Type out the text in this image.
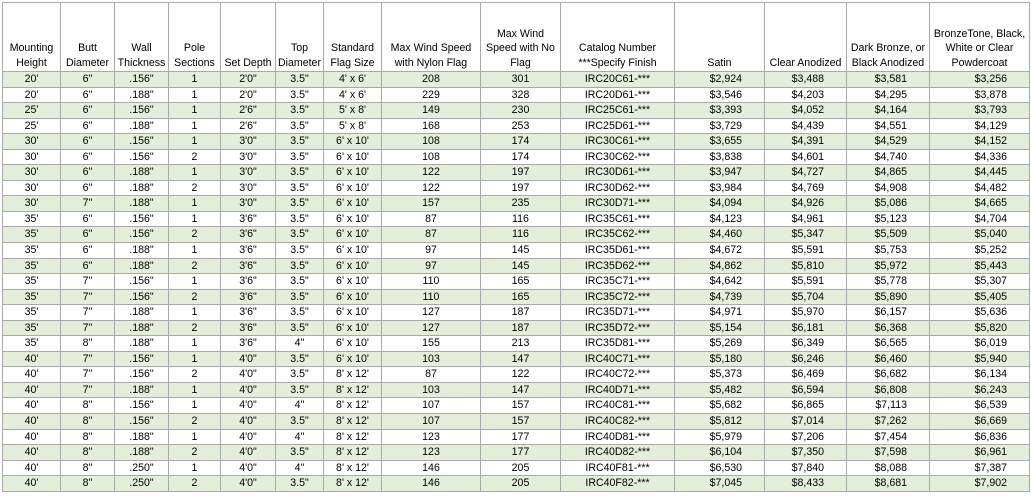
Mounting Height	Butt Diameter	Wall Thickness	Pole Sections	Set Depth	Top Diameter	Standard Flag Size	Max Wind Speed with Nylon Flag	Max Wind Speed with No Flag	Catalog Number ***Specify Finish	Satin	Clear Anodized	Dark Bronze, or Black Anodized	BronzeTone, Black, White or Clear Powdercoat
20'	6"	.156"	1	2'0"	3.5"	4' x 6'	208	301	IRC20C61-***	$2,924	$3,488	$3,581	$3,256
20'	6"	.188"	1	2'0"	3.5"	4' x 6'	229	328	IRC20D61-***	$3,546	$4,203	$4,295	$3,878
25'	6"	.156"	1	2'6"	3.5"	5' x 8'	149	230	IRC25C61-***	$3,393	$4,052	$4,164	$3,793
25'	6"	.188"	1	2'6"	3.5"	5' x 8'	168	253	IRC25D61-***	$3,729	$4,439	$4,551	$4,129
30'	6"	.156"	1	3'0"	3.5"	6' x 10'	108	174	IRC30C61-***	$3,655	$4,391	$4,529	$4,152
30'	6"	.156"	2	3'0"	3.5"	6' x 10'	108	174	IRC30C62-***	$3,838	$4,601	$4,740	$4,336
30'	6"	.188"	1	3'0"	3.5"	6' x 10'	122	197	IRC30D61-***	$3,947	$4,727	$4,865	$4,445
30'	6"	.188"	2	3'0"	3.5"	6' x 10'	122	197	IRC30D62-***	$3,984	$4,769	$4,908	$4,482
30'	7"	.188"	1	3'0"	3.5"	6' x 10'	157	235	IRC30D71-***	$4,094	$4,926	$5,086	$4,665
35'	6"	.156"	1	3'6"	3.5"	6' x 10'	87	116	IRC35C61-***	$4,123	$4,961	$5,123	$4,704
35'	6"	.156"	2	3'6"	3.5"	6' x 10'	87	116	IRC35C62-***	$4,460	$5,347	$5,509	$5,040
35'	6"	.188"	1	3'6"	3.5"	6' x 10'	97	145	IRC35D61-***	$4,672	$5,591	$5,753	$5,252
35'	6"	.188"	2	3'6"	3.5"	6' x 10'	97	145	IRC35D62-***	$4,862	$5,810	$5,972	$5,443
35'	7"	.156"	1	3'6"	3.5"	6' x 10'	110	165	IRC35C71-***	$4,642	$5,591	$5,778	$5,307
35'	7"	.156"	2	3'6"	3.5"	6' x 10'	110	165	IRC35C72-***	$4,739	$5,704	$5,890	$5,405
35'	7"	.188"	1	3'6"	3.5"	6' x 10'	127	187	IRC35D71-***	$4,971	$5,970	$6,157	$5,636
35'	7"	.188"	2	3'6"	3.5"	6' x 10'	127	187	IRC35D72-***	$5,154	$6,181	$6,368	$5,820
35'	8"	.188"	1	3'6"	4"	6' x 10'	155	213	IRC35D81-***	$5,269	$6,349	$6,565	$6,019
40'	7"	.156"	1	4'0"	3.5"	6' x 10'	103	147	IRC40C71-***	$5,180	$6,246	$6,460	$5,940
40'	7"	.156"	2	4'0"	3.5"	8' x 12'	87	122	IRC40C72-***	$5,373	$6,469	$6,682	$6,134
40'	7"	.188"	1	4'0"	3.5"	8' x 12'	103	147	IRC40D71-***	$5,482	$6,594	$6,808	$6,243
40'	8"	.156"	1	4'0"	4"	8' x 12'	107	157	IRC40C81-***	$5,682	$6,865	$7,113	$6,539
40'	8"	.156"	2	4'0"	3.5"	8' x 12'	107	157	IRC40C82-***	$5,812	$7,014	$7,262	$6,669
40'	8"	.188"	1	4'0"	4"	8' x 12'	123	177	IRC40D81-***	$5,979	$7,206	$7,454	$6,836
40'	8"	.188"	2	4'0"	3.5"	8' x 12'	123	177	IRC40D82-***	$6,104	$7,350	$7,598	$6,961
40'	8"	.250"	1	4'0"	4"	8' x 12'	146	205	IRC40F81-***	$6,530	$7,840	$8,088	$7,387
40'	8"	.250"	2	4'0"	3.5"	8' x 12'	146	205	IRC40F82-***	$7,045	$8,433	$8,681	$7,902
